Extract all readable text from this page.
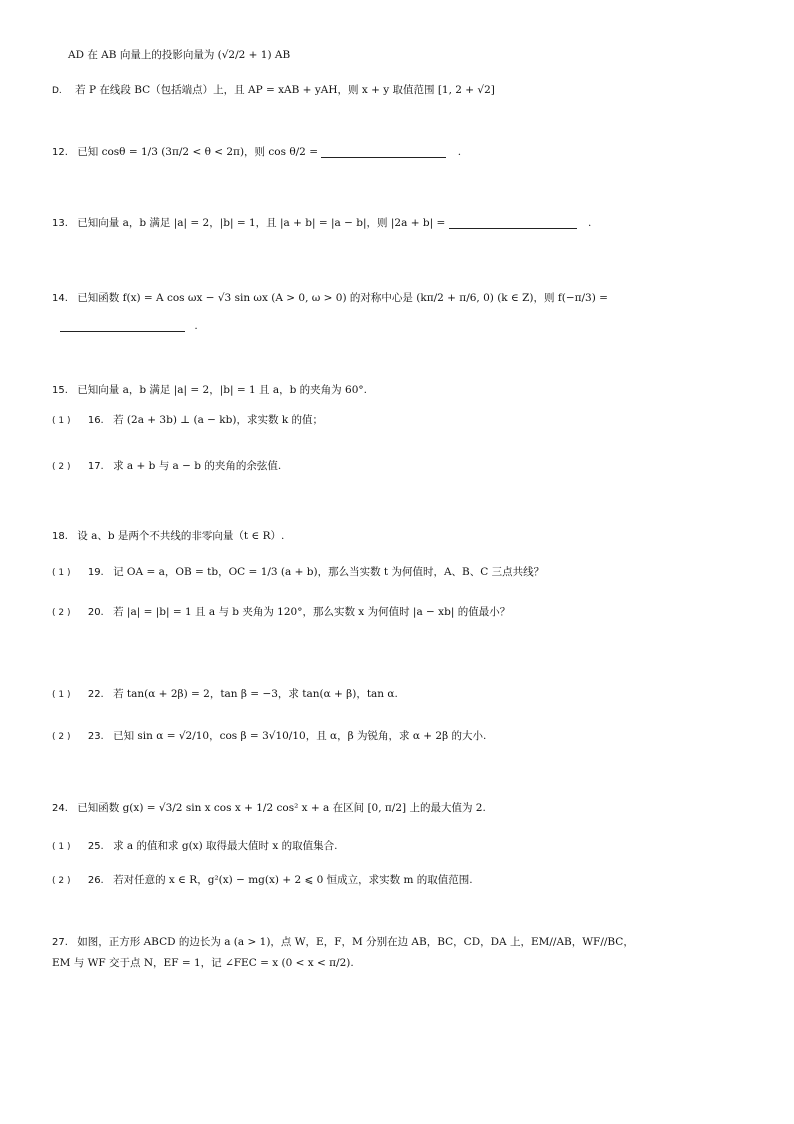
AD 在 AB 向量上的投影向量为 (√2/2 + 1) AB
D. 若 P 在线段 BC（包括端点）上，且 AP = xAB + yAH，则 x + y 取值范围 [1, 2 + √2]
12. 已知 cosθ = 1/3 (3π/2 < θ < 2π)，则 cos θ/2 =	.
13. 已知向量 a，b 满足 |a| = 2，|b| = 1，且 |a + b| = |a − b|，则 |2a + b| =	.
14. 已知函数 f(x) = A cos ωx − √3 sin ωx (A > 0, ω > 0) 的对称中心是 (kπ/2 + π/6, 0) (k ∈ Z)，则 f(−π/3) =
.
15. 已知向量 a，b 满足 |a| = 2，|b| = 1 且 a，b 的夹角为 60°.
( 1 ) 16. 若 (2a + 3b) ⊥ (a − kb)，求实数 k 的值；
( 2 ) 17. 求 a + b 与 a − b 的夹角的余弦值.
18. 设 a、b 是两个不共线的非零向量（t ∈ R）.
( 1 ) 19. 记 OA = a，OB = tb，OC = 1/3 (a + b)，那么当实数 t 为何值时，A、B、C 三点共线？
( 2 ) 20. 若 |a| = |b| = 1 且 a 与 b 夹角为 120°，那么实数 x 为何值时 |a − xb| 的值最小？
( 1 ) 22. 若 tan(α + 2β) = 2，tan β = −3，求 tan(α + β)，tan α.
( 2 ) 23. 已知 sin α = √2/10，cos β = 3√10/10，且 α，β 为锐角，求 α + 2β 的大小.
24. 已知函数 g(x) = √3/2 sin x cos x + 1/2 cos² x + a 在区间 [0, π/2] 上的最大值为 2.
( 1 ) 25. 求 a 的值和求 g(x) 取得最大值时 x 的取值集合.
( 2 ) 26. 若对任意的 x ∈ R，g²(x) − mg(x) + 2 ⩽ 0 恒成立，求实数 m 的取值范围.
27. 如图，正方形 ABCD 的边长为 a (a > 1)，点 W，E，F，M 分别在边 AB，BC，CD，DA 上，EM//AB，WF//BC，
EM 与 WF 交于点 N，EF = 1，记 ∠FEC = x (0 < x < π/2).
